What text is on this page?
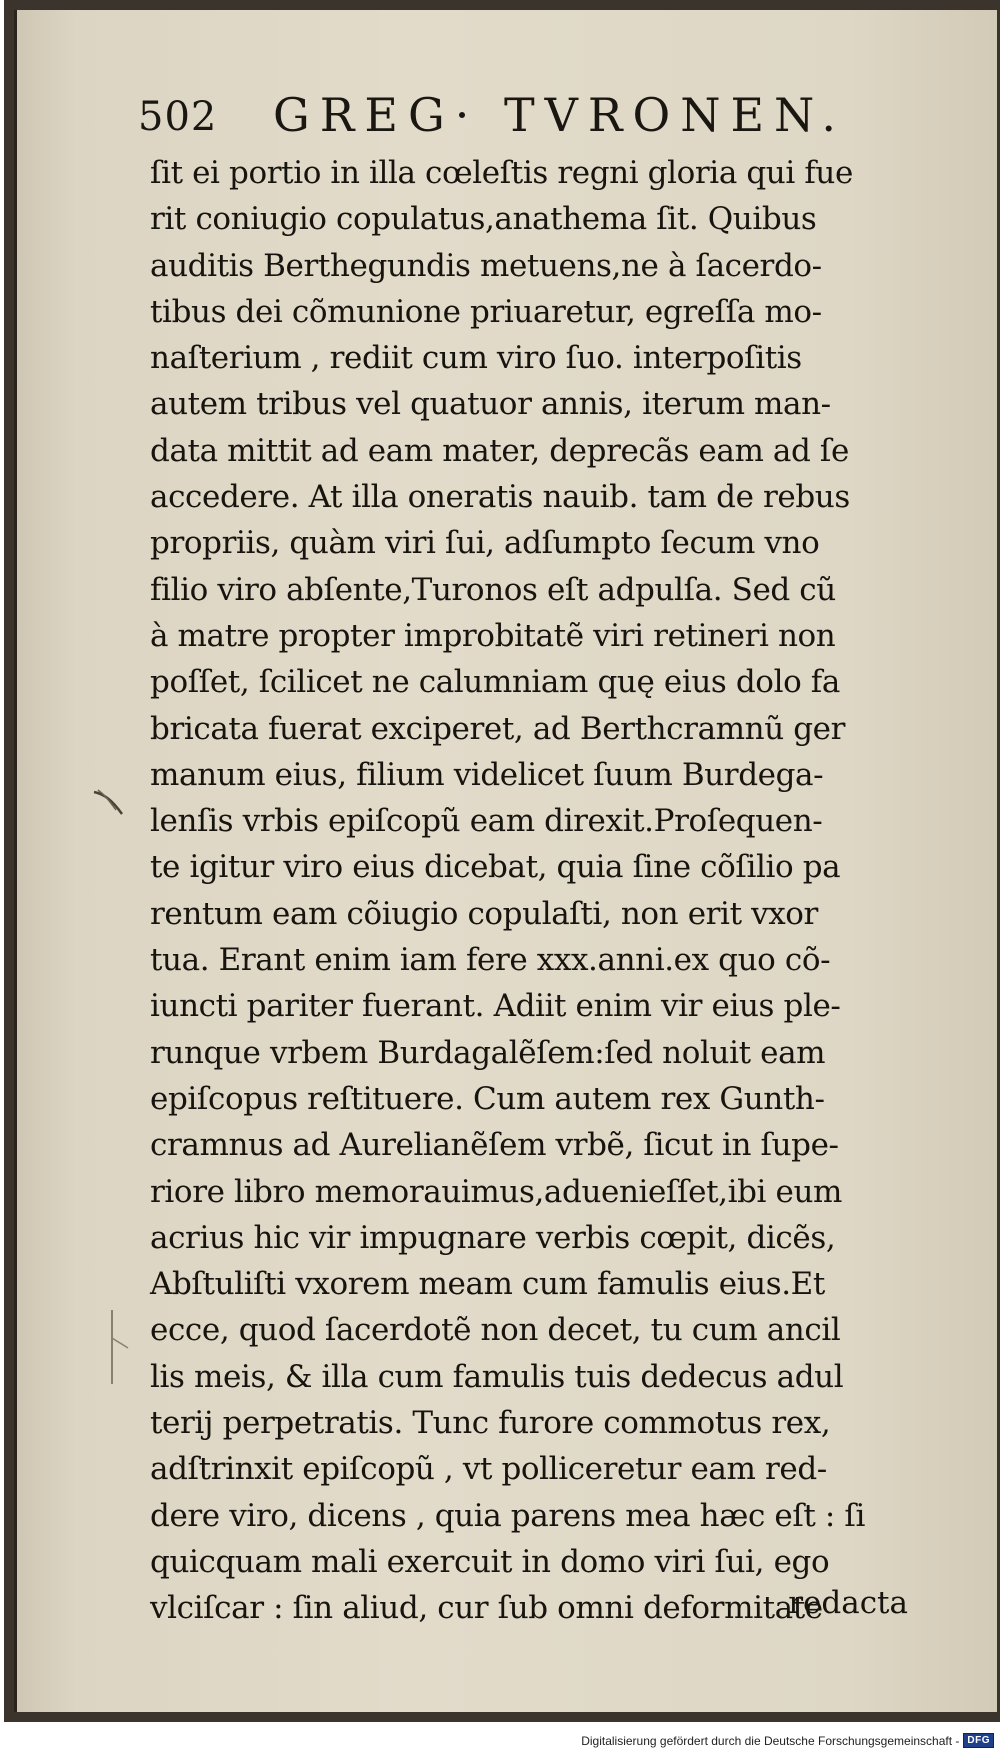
502 GREG· TVRONEN.
ſit ei portio in illa cœleſtis regni gloria qui fue
rit coniugio copulatus,anathema ſit. Quibus
auditis Berthegundis metuens,ne à ſacerdo-
tibus dei cõmunione priuaretur, egreſſa mo-
naſterium , rediit cum viro ſuo. interpoſitis
autem tribus vel quatuor annis, iterum man-
data mittit ad eam mater, deprecãs eam ad ſe
accedere. At illa oneratis nauib. tam de rebus
propriis, quàm viri ſui, adſumpto ſecum vno
filio viro abſente,Turonos eſt adpulſa. Sed cũ
à matre propter improbitatẽ viri retineri non
poſſet, ſcilicet ne calumniam quę eius dolo fa
bricata fuerat exciperet, ad Berthcramnũ ger
manum eius, filium videlicet ſuum Burdega-
lenſis vrbis epiſcopũ eam direxit.Proſequen-
te igitur viro eius dicebat, quia ſine cõſilio pa
rentum eam cõiugio copulaſti, non erit vxor
tua. Erant enim iam fere xxx.anni.ex quo cõ-
iuncti pariter fuerant. Adiit enim vir eius ple-
runque vrbem Burdagalẽſem:ſed noluit eam
epiſcopus reſtituere. Cum autem rex Gunth-
cramnus ad Aurelianẽſem vrbẽ, ſicut in ſupe-
riore libro memorauimus,aduenieſſet,ibi eum
acrius hic vir impugnare verbis cœpit, dicẽs,
Abſtuliſti vxorem meam cum famulis eius.Et
ecce, quod ſacerdotẽ non decet, tu cum ancil
lis meis, & illa cum famulis tuis dedecus adul
terij perpetratis. Tunc furore commotus rex,
adſtrinxit epiſcopũ , vt polliceretur eam red-
dere viro, dicens , quia parens mea hæc eſt : ſi
quicquam mali exercuit in domo viri ſui, ego
vlciſcar : ſin aliud, cur ſub omni deformitate
redacta
Digitalisierung gefördert durch die Deutsche Forschungsgemeinschaft - DFG
